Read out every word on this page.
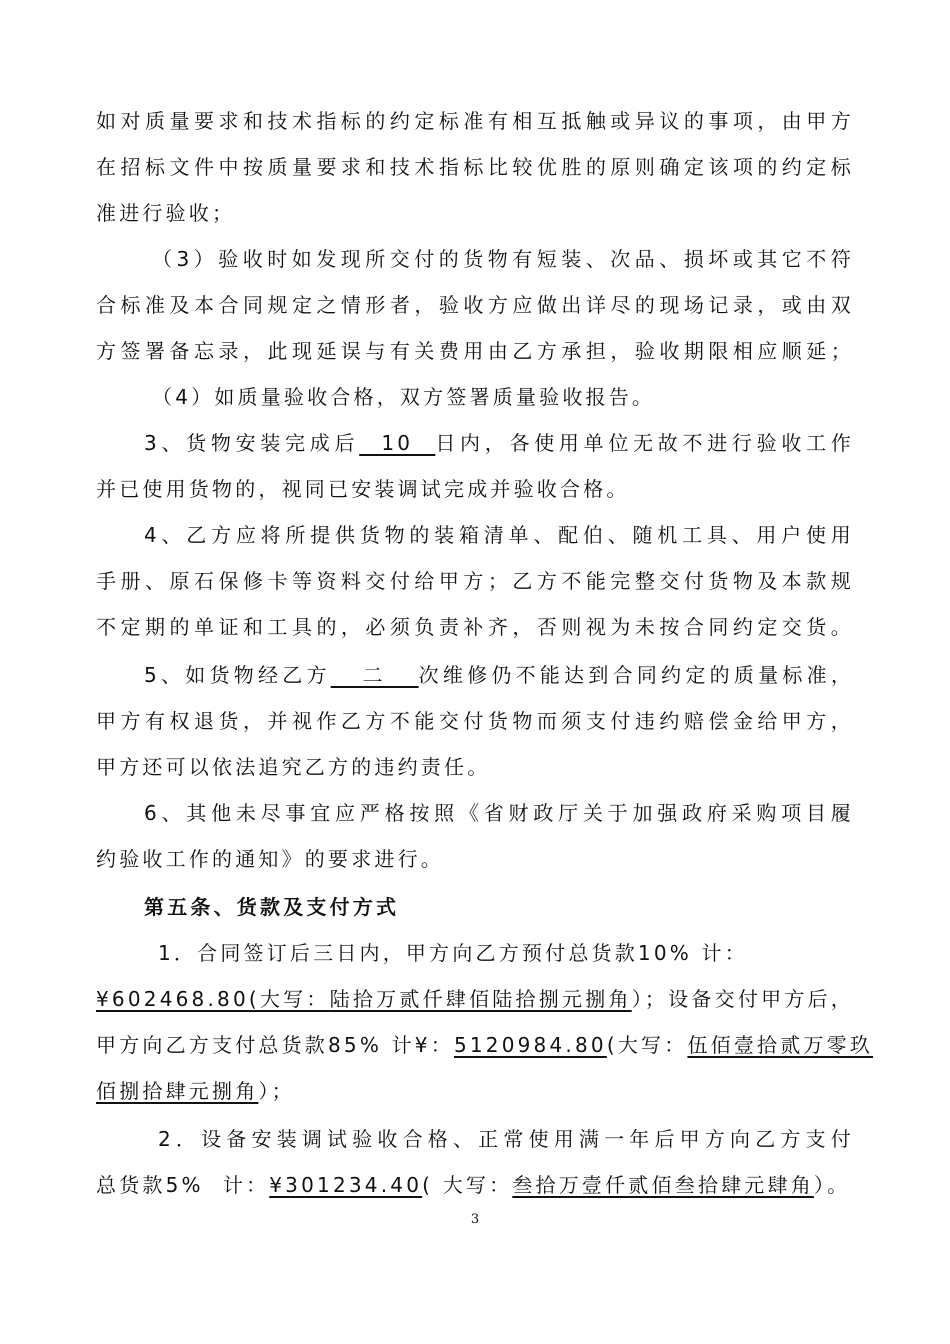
如对质量要求和技术指标的约定标准有相互抵触或异议的事项，由甲方
在招标文件中按质量要求和技术指标比较优胜的原则确定该项的约定标
准进行验收；
（3）验收时如发现所交付的货物有短装、次品、损坏或其它不符
合标准及本合同规定之情形者，验收方应做出详尽的现场记录，或由双
方签署备忘录，此现延误与有关费用由乙方承担，验收期限相应顺延；
（4）如质量验收合格，双方签署质量验收报告。
3、货物安装完成后  10  日内，各使用单位无故不进行验收工作
并已使用货物的，视同已安装调试完成并验收合格。
4、乙方应将所提供货物的装箱清单、配伯、随机工具、用户使用
手册、原石保修卡等资料交付给甲方；乙方不能完整交付货物及本款规
不定期的单证和工具的，必须负责补齐，否则视为未按合同约定交货。
5、如货物经乙方   二   次维修仍不能达到合同约定的质量标准，
甲方有权退货，并视作乙方不能交付货物而须支付违约赔偿金给甲方，
甲方还可以依法追究乙方的违约责任。
6、其他未尽事宜应严格按照《省财政厅关于加强政府采购项目履
约验收工作的通知》的要求进行。
第五条、货款及支付方式
1．合同签订后三日内，甲方向乙方预付总货款10% 计：
¥602468.80(大写：陆拾万贰仟肆佰陆拾捌元捌角）；设备交付甲方后，
甲方向乙方支付总货款85% 计¥：5120984.80(大写：伍佰壹拾贰万零玖
佰捌拾肆元捌角）；
2．设备安装调试验收合格、正常使用满一年后甲方向乙方支付
总货款5%  计：¥301234.40( 大写：叁拾万壹仟贰佰叁拾肆元肆角）。
3
